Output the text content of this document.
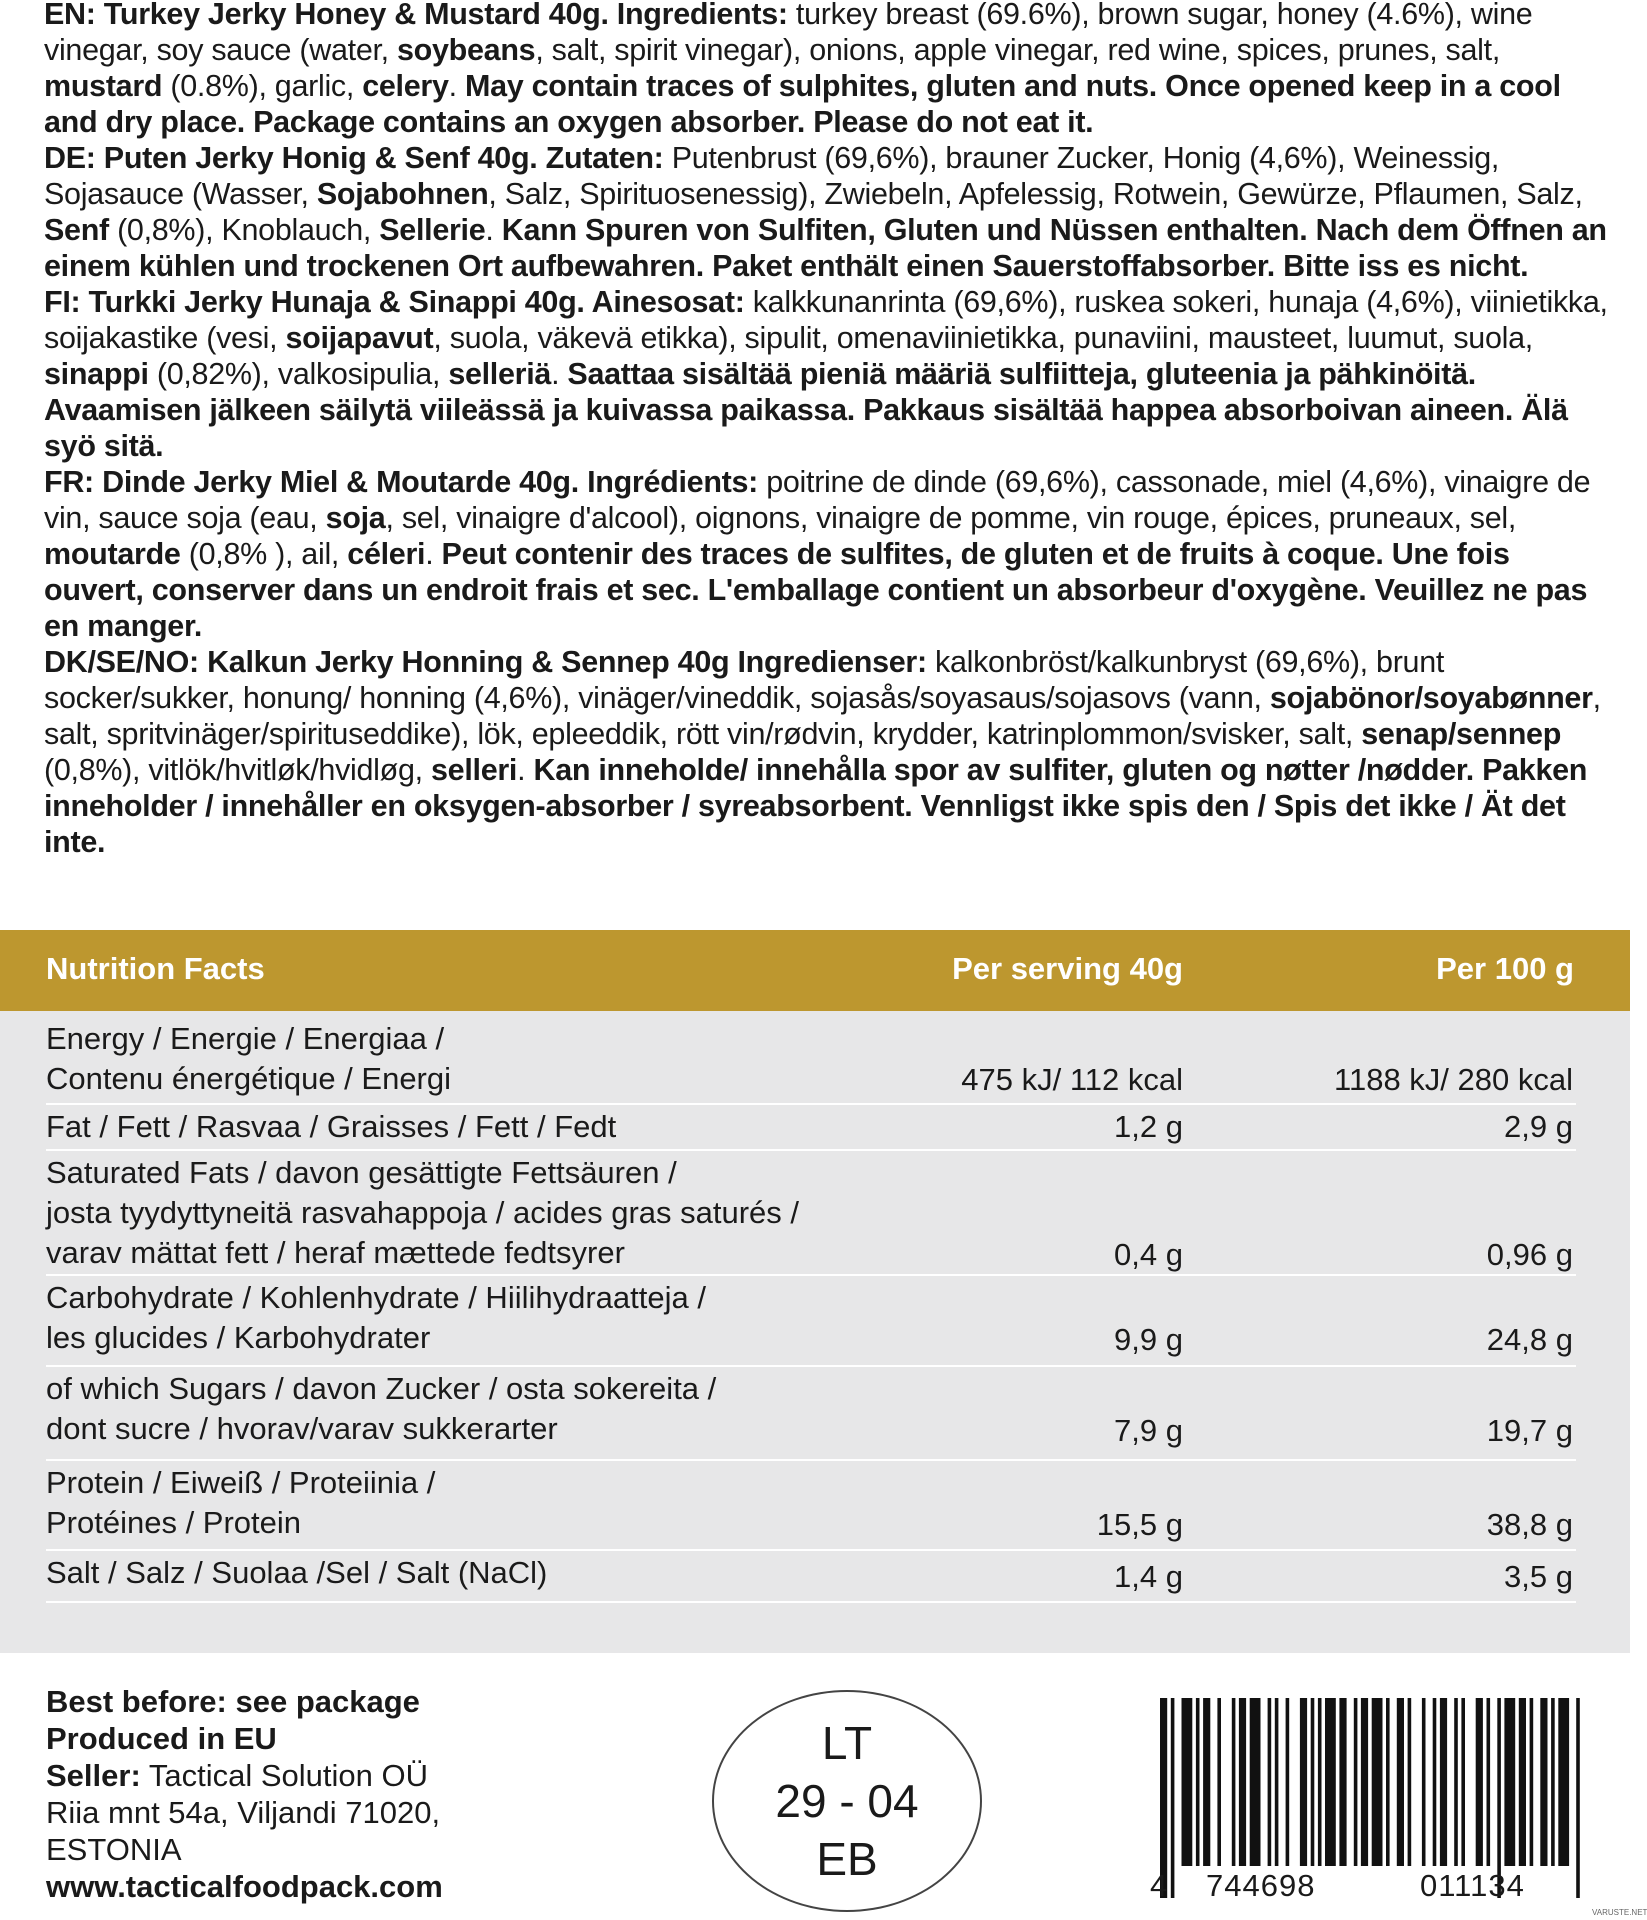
EN: Turkey Jerky Honey & Mustard 40g. Ingredients: turkey breast (69.6%), brown sugar, honey (4.6%), wine vinegar, soy sauce (water, soybeans, salt, spirit vinegar), onions, apple vinegar, red wine, spices, prunes, salt, mustard (0.8%), garlic, celery. May contain traces of sulphites, gluten and nuts. Once opened keep in a cool and dry place. Package contains an oxygen absorber. Please do not eat it.

DE: Puten Jerky Honig & Senf 40g. Zutaten: Putenbrust (69,6%), brauner Zucker, Honig (4,6%), Weinessig, Sojasauce (Wasser, Sojabohnen, Salz, Spirituosenessig), Zwiebeln, Apfelessig, Rotwein, Gewürze, Pflaumen, Salz, Senf (0,8%), Knoblauch, Sellerie. Kann Spuren von Sulfiten, Gluten und Nüssen enthalten. Nach dem Öffnen an einem kühlen und trockenen Ort aufbewahren. Paket enthält einen Sauerstoffabsorber. Bitte iss es nicht.

FI: Turkki Jerky Hunaja & Sinappi 40g. Ainesosat: kalkkunanrinta (69,6%), ruskea sokeri, hunaja (4,6%), viinietikka, soijakastike (vesi, soijapavut, suola, väkevä etikka), sipulit, omenaviinietikka, punaviini, mausteet, luumut, suola, sinappi (0,82%), valkosipulia, selleriä. Saattaa sisältää pieniä määriä sulfiitteja, gluteenia ja pähkinöitä. Avaamisen jälkeen säilytä viileässä ja kuivassa paikassa. Pakkaus sisältää happea absorboivan aineen. Älä syö sitä.

FR: Dinde Jerky Miel & Moutarde 40g. Ingrédients: poitrine de dinde (69,6%), cassonade, miel (4,6%), vinaigre de vin, sauce soja (eau, soja, sel, vinaigre d'alcool), oignons, vinaigre de pomme, vin rouge, épices, pruneaux, sel, moutarde (0,8% ), ail, céleri. Peut contenir des traces de sulfites, de gluten et de fruits à coque. Une fois ouvert, conserver dans un endroit frais et sec. L'emballage contient un absorbeur d'oxygène. Veuillez ne pas en manger.

DK/SE/NO: Kalkun Jerky Honning & Sennep 40g Ingredienser: kalkonbröst/kalkunbryst (69,6%), brunt socker/sukker, honung/ honning (4,6%), vinäger/vineddik, sojasås/soyasaus/sojasovs (vann, sojabönor/soyabønner, salt, spritvinäger/spirituseddike), lök, epleeddik, rött vin/rødvin, krydder, katrinplommon/svisker, salt, senap/sennep (0,8%), vitlök/hvitløk/hvidløg, selleri. Kan inneholde/ innehålla spor av sulfiter, gluten og nøtter /nødder. Pakken inneholder / innehåller en oksygen-absorber / syreabsorbent. Vennligst ikke spis den / Spis det ikke / Ät det inte.

Nutrition Facts	Per serving 40g	Per 100 g
Energy / Energie / Energiaa /
Contenu énergétique / Energi	475 kJ/ 112 kcal	1188 kJ/ 280 kcal
Fat / Fett / Rasvaa / Graisses / Fett / Fedt	1,2 g	2,9 g
Saturated Fats / davon gesättigte Fettsäuren /
josta tyydyttyneitä rasvahappoja / acides gras saturés /
varav mättat fett / heraf mættede fedtsyrer	0,4 g	0,96 g
Carbohydrate / Kohlenhydrate / Hiilihydraatteja /
les glucides / Karbohydrater	9,9 g	24,8 g
of which Sugars / davon Zucker / osta sokereita /
dont sucre / hvorav/varav sukkerarter	7,9 g	19,7 g
Protein / Eiweiß / Proteiinia /
Protéines / Protein	15,5 g	38,8 g
Salt / Salz / Suolaa /Sel / Salt (NaCl)	1,4 g	3,5 g
Best before: see package
Produced in EU
Seller: Tactical Solution OÜ
Riia mnt 54a, Viljandi 71020,
ESTONIA
www.tacticalfoodpack.com
LT
29 - 04
EB
4 744698	011134
VARUSTE.NET
